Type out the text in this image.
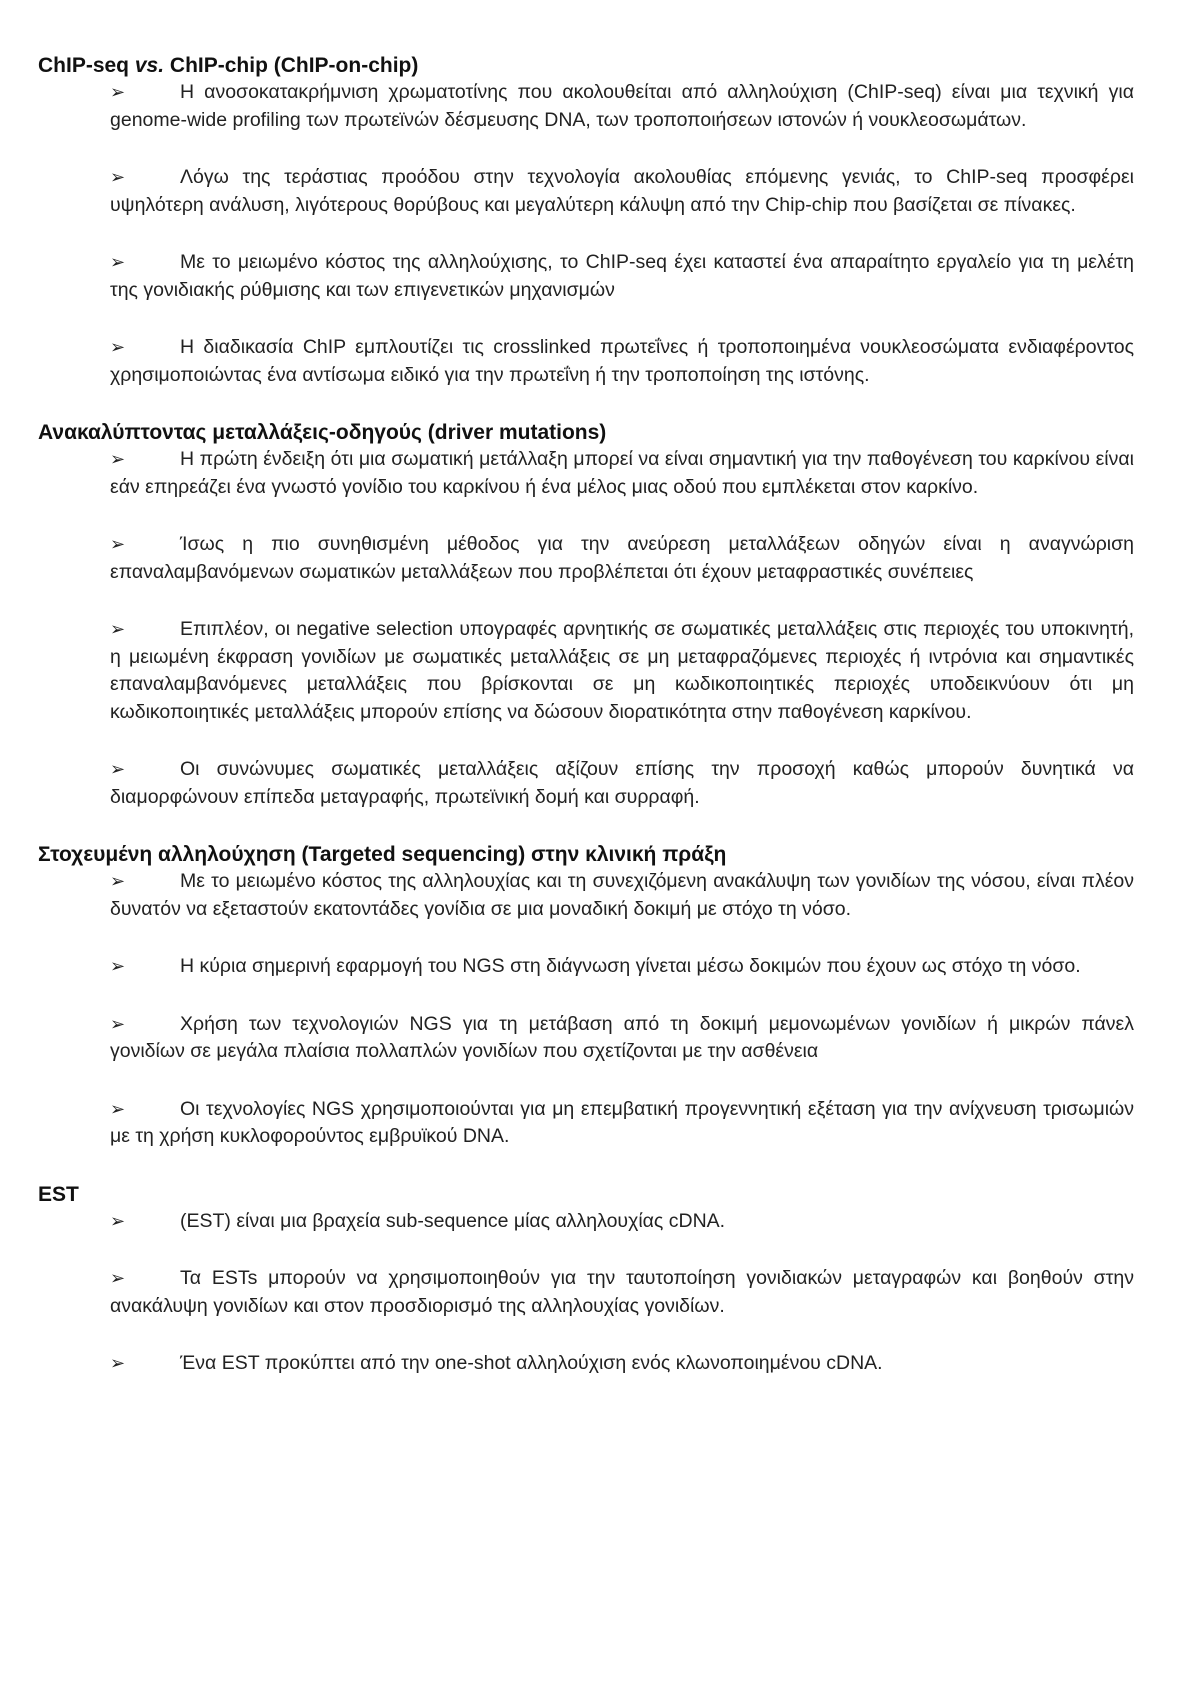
ChIP-seq vs. ChIP-chip (ChIP-on-chip)

➢	Η ανοσοκατακρήμνιση χρωματοτίνης που ακολουθείται από αλληλούχιση (ChIP-seq) είναι μια τεχνική για genome-wide profiling των πρωτεϊνών δέσμευσης DNA, των τροποποιήσεων ιστονών ή νουκλεοσωμάτων.

➢	Λόγω της τεράστιας προόδου στην τεχνολογία ακολουθίας επόμενης γενιάς, το ChIP-seq προσφέρει υψηλότερη ανάλυση, λιγότερους θορύβους και μεγαλύτερη κάλυψη από την Chip-chip που βασίζεται σε πίνακες.

➢	Με το μειωμένο κόστος της αλληλούχισης, το ChIP-seq έχει καταστεί ένα απαραίτητο εργαλείο για τη μελέτη της γονιδιακής ρύθμισης και των επιγενετικών μηχανισμών

➢	Η διαδικασία ChIP εμπλουτίζει τις crosslinked πρωτεΐνες ή τροποποιημένα νουκλεοσώματα ενδιαφέροντος χρησιμοποιώντας ένα αντίσωμα ειδικό για την πρωτεΐνη ή την τροποποίηση της ιστόνης.

Ανακαλύπτοντας μεταλλάξεις-οδηγούς (driver mutations)

➢	Η πρώτη ένδειξη ότι μια σωματική μετάλλαξη μπορεί να είναι σημαντική για την παθογένεση του καρκίνου είναι εάν επηρεάζει ένα γνωστό γονίδιο του καρκίνου ή ένα μέλος μιας οδού που εμπλέκεται στον καρκίνο.

➢	Ίσως η πιο συνηθισμένη μέθοδος για την ανεύρεση μεταλλάξεων οδηγών είναι η αναγνώριση επαναλαμβανόμενων σωματικών μεταλλάξεων που προβλέπεται ότι έχουν μεταφραστικές συνέπειες

➢	Επιπλέον, οι negative selection υπογραφές αρνητικής σε σωματικές μεταλλάξεις στις περιοχές του υποκινητή, η μειωμένη έκφραση γονιδίων με σωματικές μεταλλάξεις σε μη μεταφραζόμενες περιοχές ή ιντρόνια και σημαντικές επαναλαμβανόμενες μεταλλάξεις που βρίσκονται σε μη κωδικοποιητικές περιοχές υποδεικνύουν ότι μη κωδικοποιητικές μεταλλάξεις μπορούν επίσης να δώσουν διορατικότητα στην παθογένεση καρκίνου.

➢	Οι συνώνυμες σωματικές μεταλλάξεις αξίζουν επίσης την προσοχή καθώς μπορούν δυνητικά να διαμορφώνουν επίπεδα μεταγραφής, πρωτεϊνική δομή και συρραφή.

Στοχευμένη αλληλούχηση (Targeted sequencing) στην κλινική πράξη

➢	Με το μειωμένο κόστος της αλληλουχίας και τη συνεχιζόμενη ανακάλυψη των γονιδίων της νόσου, είναι πλέον δυνατόν να εξεταστούν εκατοντάδες γονίδια σε μια μοναδική δοκιμή με στόχο τη νόσο.

➢	Η κύρια σημερινή εφαρμογή του NGS στη διάγνωση γίνεται μέσω δοκιμών που έχουν ως στόχο τη νόσο.

➢	Χρήση των τεχνολογιών NGS για τη μετάβαση από τη δοκιμή μεμονωμένων γονιδίων ή μικρών πάνελ γονιδίων σε μεγάλα πλαίσια πολλαπλών γονιδίων που σχετίζονται με την ασθένεια

➢	Οι τεχνολογίες NGS χρησιμοποιούνται για μη επεμβατική προγεννητική εξέταση για την ανίχνευση τρισωμιών με τη χρήση κυκλοφορούντος εμβρυϊκού DNA.

EST

➢	(EST) είναι μια βραχεία sub-sequence μίας αλληλουχίας cDNA.

➢	Τα ESTs μπορούν να χρησιμοποιηθούν για την ταυτοποίηση γονιδιακών μεταγραφών και βοηθούν στην ανακάλυψη γονιδίων και στον προσδιορισμό της αλληλουχίας γονιδίων.

➢	Ένα EST προκύπτει από την one-shot αλληλούχιση ενός κλωνοποιημένου cDNA.
